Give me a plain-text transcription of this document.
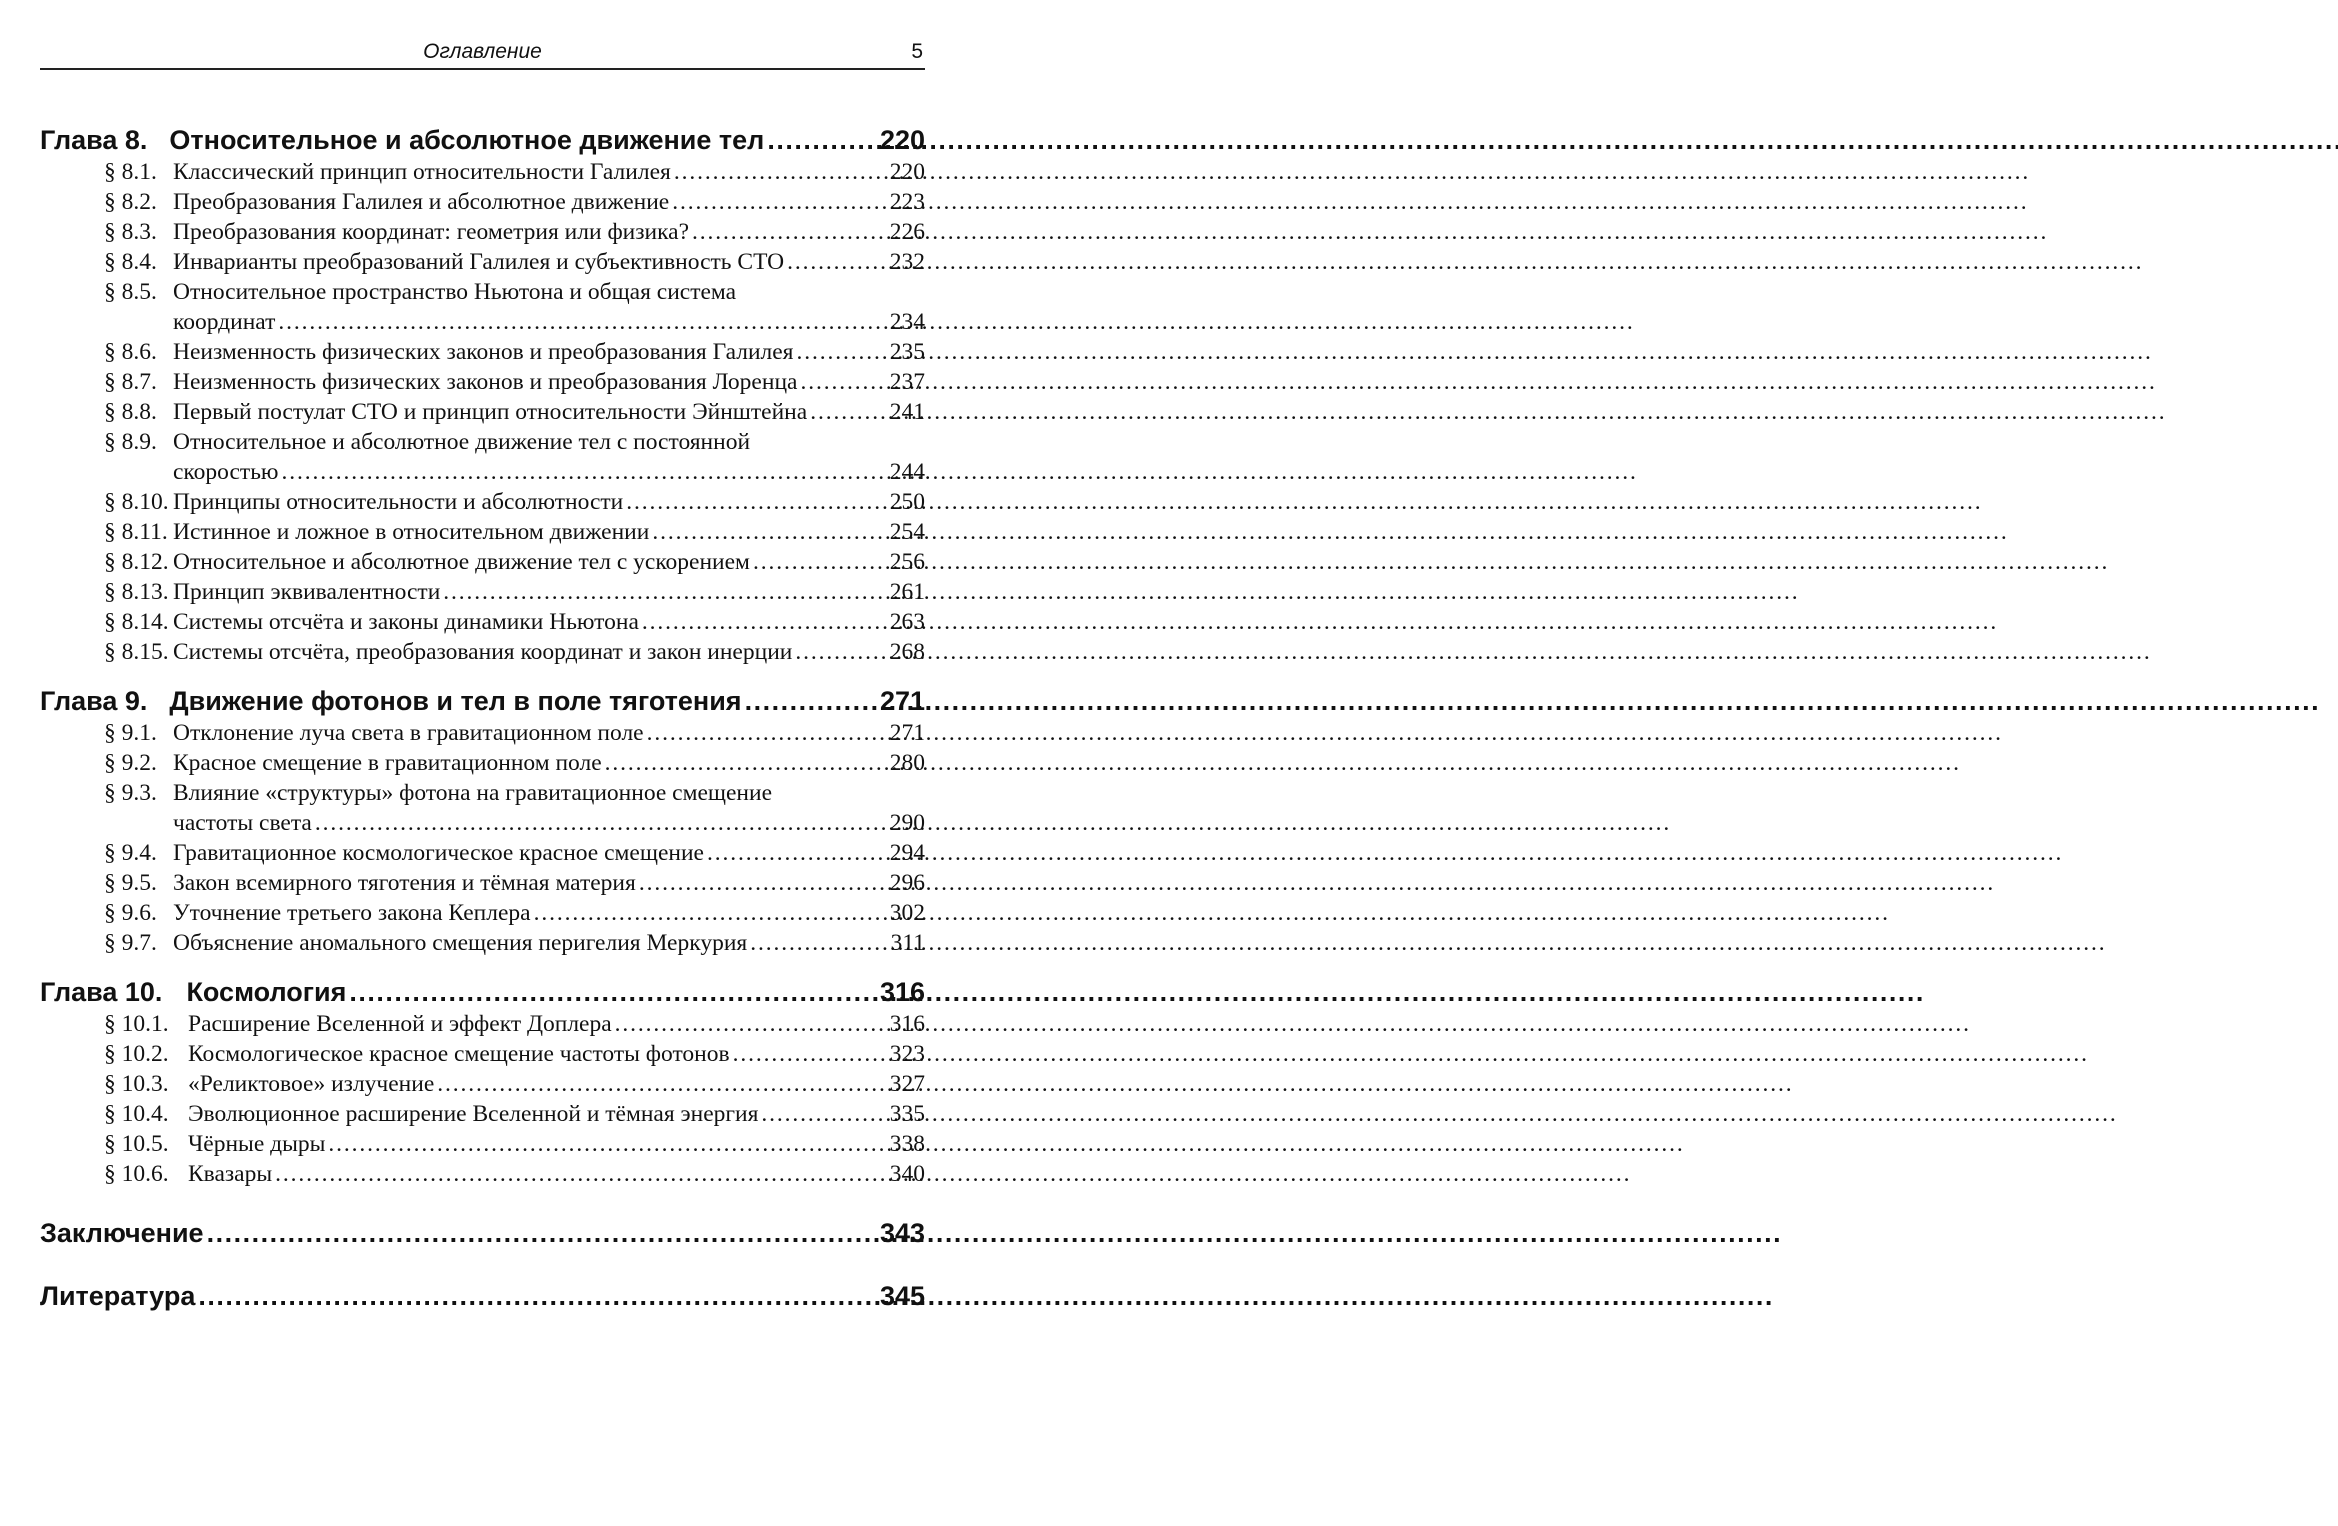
Оглавление	5
Глава 8. Относительное и абсолютное движение тел . . .	220
§ 8.1. Классический принцип относительности Галилея . . .	220
§ 8.2. Преобразования Галилея и абсолютное движение . . .	223
§ 8.3. Преобразования координат: геометрия или физика? . . .	226
§ 8.4. Инварианты преобразований Галилея и субъективность СТО . . .	232
§ 8.5. Относительное пространство Ньютона и общая система
координат . . .	234
§ 8.6. Неизменность физических законов и преобразования Галилея . . .	235
§ 8.7. Неизменность физических законов и преобразования Лоренца . . .	237
§ 8.8. Первый постулат СТО и принцип относительности Эйнштейна . . .	241
§ 8.9. Относительное и абсолютное движение тел с постоянной
скоростью . . .	244
§ 8.10. Принципы относительности и абсолютности . . .	250
§ 8.11. Истинное и ложное в относительном движении . . .	254
§ 8.12. Относительное и абсолютное движение тел с ускорением . . .	256
§ 8.13. Принцип эквивалентности . . .	261
§ 8.14. Системы отсчёта и законы динамики Ньютона . . .	263
§ 8.15. Системы отсчёта, преобразования координат и закон инерции . . .	268
Глава 9. Движение фотонов и тел в поле тяготения . . .	271
§ 9.1. Отклонение луча света в гравитационном поле . . .	271
§ 9.2. Красное смещение в гравитационном поле . . .	280
§ 9.3. Влияние «структуры» фотона на гравитационное смещение
частоты света . . .	290
§ 9.4. Гравитационное космологическое красное смещение . . .	294
§ 9.5. Закон всемирного тяготения и тёмная материя . . .	296
§ 9.6. Уточнение третьего закона Кеплера . . .	302
§ 9.7. Объяснение аномального смещения перигелия Меркурия . . .	311
Глава 10. Космология . . .	316
§ 10.1. Расширение Вселенной и эффект Доплера . . .	316
§ 10.2. Космологическое красное смещение частоты фотонов . . .	323
§ 10.3. «Реликтовое» излучение . . .	327
§ 10.4. Эволюционное расширение Вселенной и тёмная энергия . . .	335
§ 10.5. Чёрные дыры . . .	338
§ 10.6. Квазары . . .	340
Заключение . . .	343
Литература . . .	345
